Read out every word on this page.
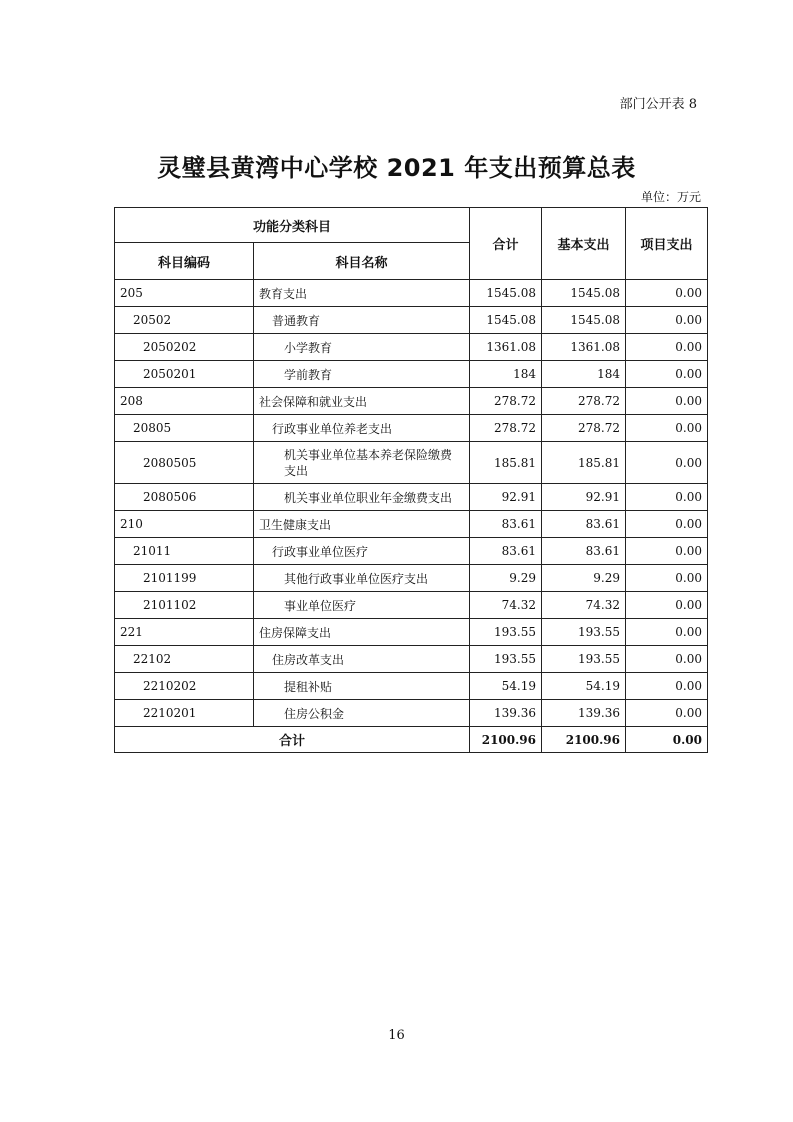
部门公开表 8
灵璧县黄湾中心学校 2021 年支出预算总表
单位：万元
功能分类科目		合计	基本支出	项目支出
科目编码	科目名称			
205	教育支出	1545.08	1545.08	0.00
20502	普通教育	1545.08	1545.08	0.00
2050202	小学教育	1361.08	1361.08	0.00
2050201	学前教育	184	184	0.00
208	社会保障和就业支出	278.72	278.72	0.00
20805	行政事业单位养老支出	278.72	278.72	0.00
2080505	机关事业单位基本养老保险缴费支出	185.81	185.81	0.00
2080506	机关事业单位职业年金缴费支出	92.91	92.91	0.00
210	卫生健康支出	83.61	83.61	0.00
21011	行政事业单位医疗	83.61	83.61	0.00
2101199	其他行政事业单位医疗支出	9.29	9.29	0.00
2101102	事业单位医疗	74.32	74.32	0.00
221	住房保障支出	193.55	193.55	0.00
22102	住房改革支出	193.55	193.55	0.00
2210202	提租补贴	54.19	54.19	0.00
2210201	住房公积金	139.36	139.36	0.00
合计		2100.96	2100.96	0.00
16
